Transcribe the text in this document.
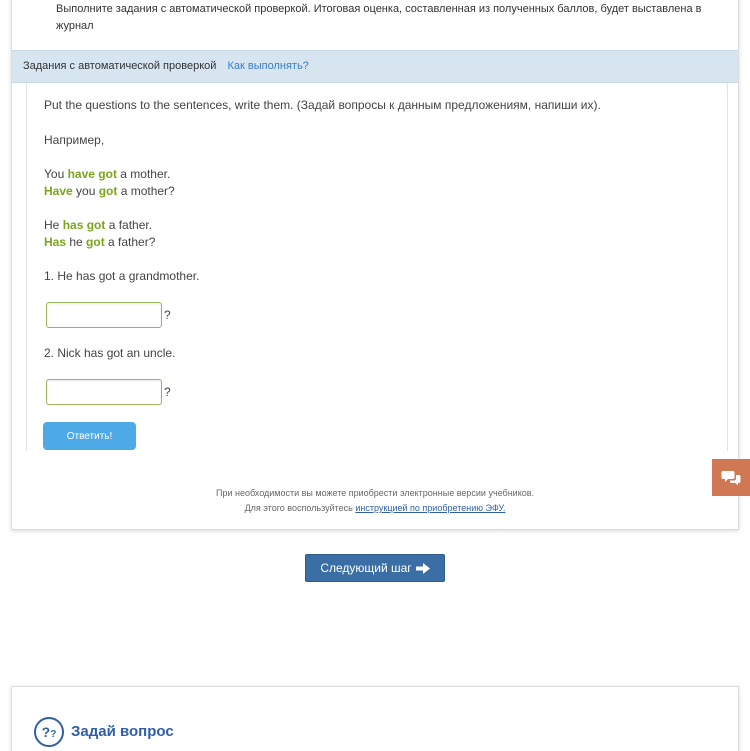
Выполните задания с автоматической проверкой. Итоговая оценка, составленная из полученных баллов, будет выставлена в журнал
Задания с автоматической проверкой Как выполнять?
Put the questions to the sentences, write them. (Задай вопросы к данным предложениям, напиши их).
Например,
You have got a mother.
Have you got a mother?
He has got a father.
Has he got a father?
1. He has got a grandmother.
?
2. Nick has got an uncle.
?
Ответить!
При необходимости вы можете приобрести электронные версии учебников.
Для этого воспользуйтесь инструкцией по приобретению ЭФУ.
Следующий шаг
?? Задай вопрос
